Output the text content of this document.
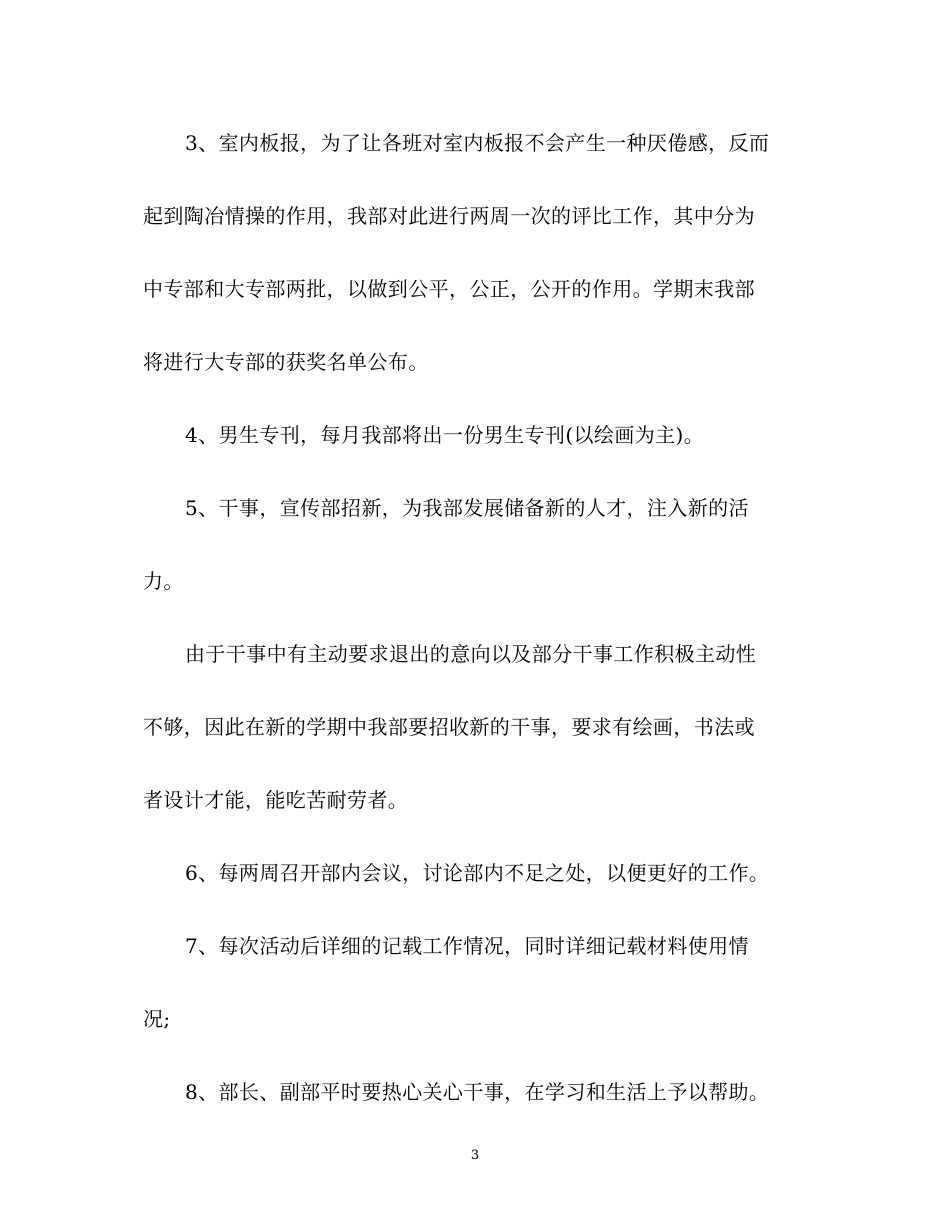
3、室内板报，为了让各班对室内板报不会产生一种厌倦感，反而
起到陶冶情操的作用，我部对此进行两周一次的评比工作，其中分为
中专部和大专部两批，以做到公平，公正，公开的作用。学期末我部
将进行大专部的获奖名单公布。
4、男生专刊，每月我部将出一份男生专刊(以绘画为主)。
5、干事，宣传部招新，为我部发展储备新的人才，注入新的活
力。
由于干事中有主动要求退出的意向以及部分干事工作积极主动性
不够，因此在新的学期中我部要招收新的干事，要求有绘画，书法或
者设计才能，能吃苦耐劳者。
6、每两周召开部内会议，讨论部内不足之处，以便更好的工作。
7、每次活动后详细的记载工作情况，同时详细记载材料使用情
况;
8、部长、副部平时要热心关心干事，在学习和生活上予以帮助。
3
